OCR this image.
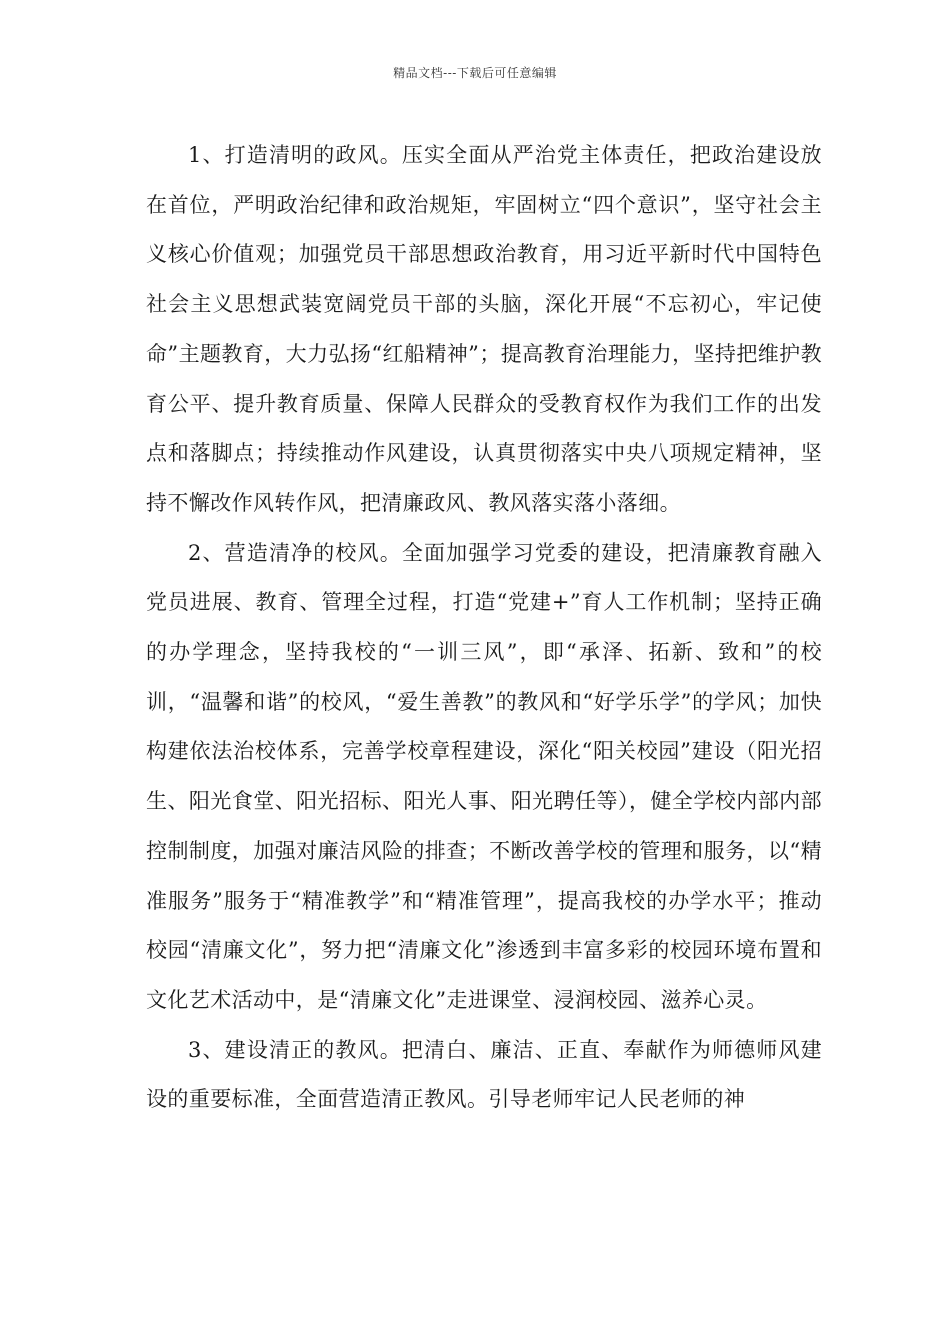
精品文档---下载后可任意编辑

1、打造清明的政风。压实全面从严治党主体责任，把政治建设放在首位，严明政治纪律和政治规矩，牢固树立“四个意识”，坚守社会主义核心价值观；加强党员干部思想政治教育，用习近平新时代中国特色社会主义思想武装宽阔党员干部的头脑，深化开展“不忘初心，牢记使命”主题教育，大力弘扬“红船精神”；提高教育治理能力，坚持把维护教育公平、提升教育质量、保障人民群众的受教育权作为我们工作的出发点和落脚点；持续推动作风建设，认真贯彻落实中央八项规定精神，坚持不懈改作风转作风，把清廉政风、教风落实落小落细。

2、营造清净的校风。全面加强学习党委的建设，把清廉教育融入党员进展、教育、管理全过程，打造“党建+”育人工作机制；坚持正确的办学理念，坚持我校的“一训三风”，即“承泽、拓新、致和”的校训，“温馨和谐”的校风，“爱生善教”的教风和“好学乐学”的学风；加快构建依法治校体系，完善学校章程建设，深化“阳关校园”建设（阳光招生、阳光食堂、阳光招标、阳光人事、阳光聘任等），健全学校内部内部控制制度，加强对廉洁风险的排查；不断改善学校的管理和服务，以“精准服务”服务于“精准教学”和“精准管理”，提高我校的办学水平；推动校园“清廉文化”，努力把“清廉文化”渗透到丰富多彩的校园环境布置和文化艺术活动中，是“清廉文化”走进课堂、浸润校园、滋养心灵。

3、建设清正的教风。把清白、廉洁、正直、奉献作为师德师风建设的重要标准，全面营造清正教风。引导老师牢记人民老师的神
